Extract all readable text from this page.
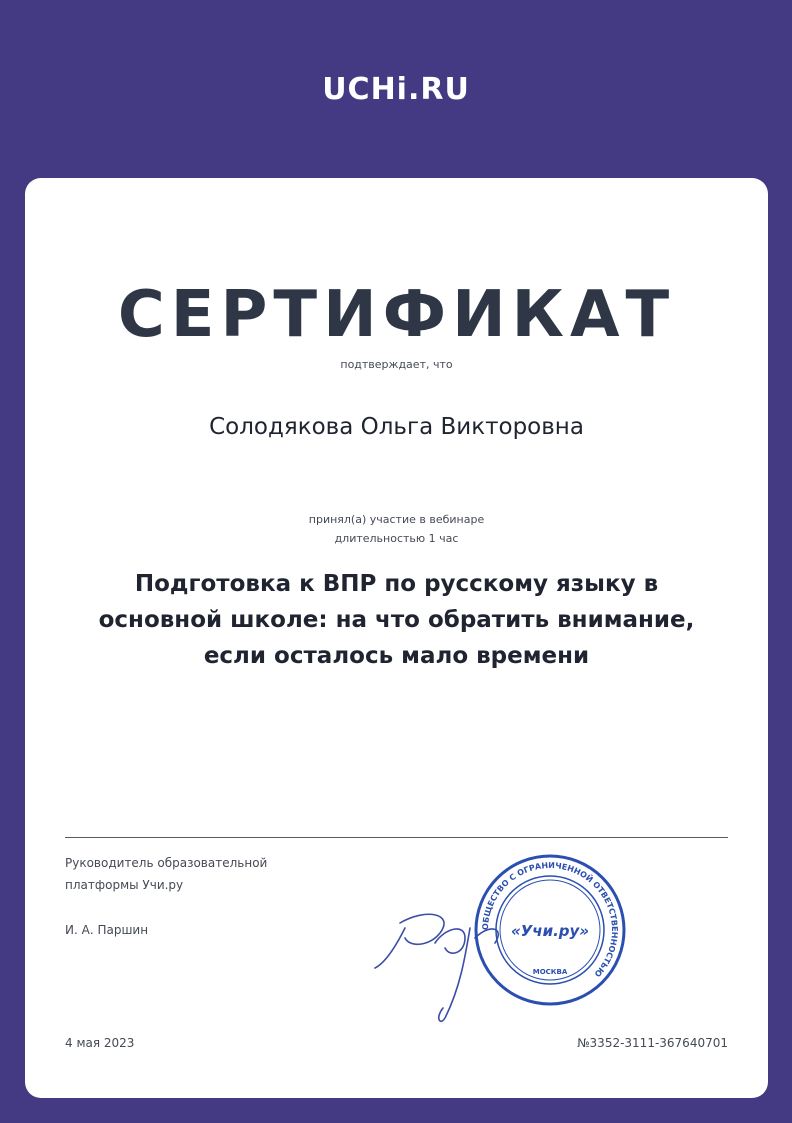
UCHi.RU
СЕРТИФИКАТ
подтверждает, что
Солодякова Ольга Викторовна
принял(а) участие в вебинаре
длительностью 1 час
Подготовка к ВПР по русскому языку в
основной школе: на что обратить внимание,
если осталось мало времени
Руководитель образовательной
платформы Учи.ру
И. А. Паршин	ОБЩЕСТВО С ОГРАНИЧЕННОЙ ОТВЕТСТВЕННОСТЬЮ
«Учи.ру»
МОСКВА
4 мая 2023	№3352-3111-367640701
